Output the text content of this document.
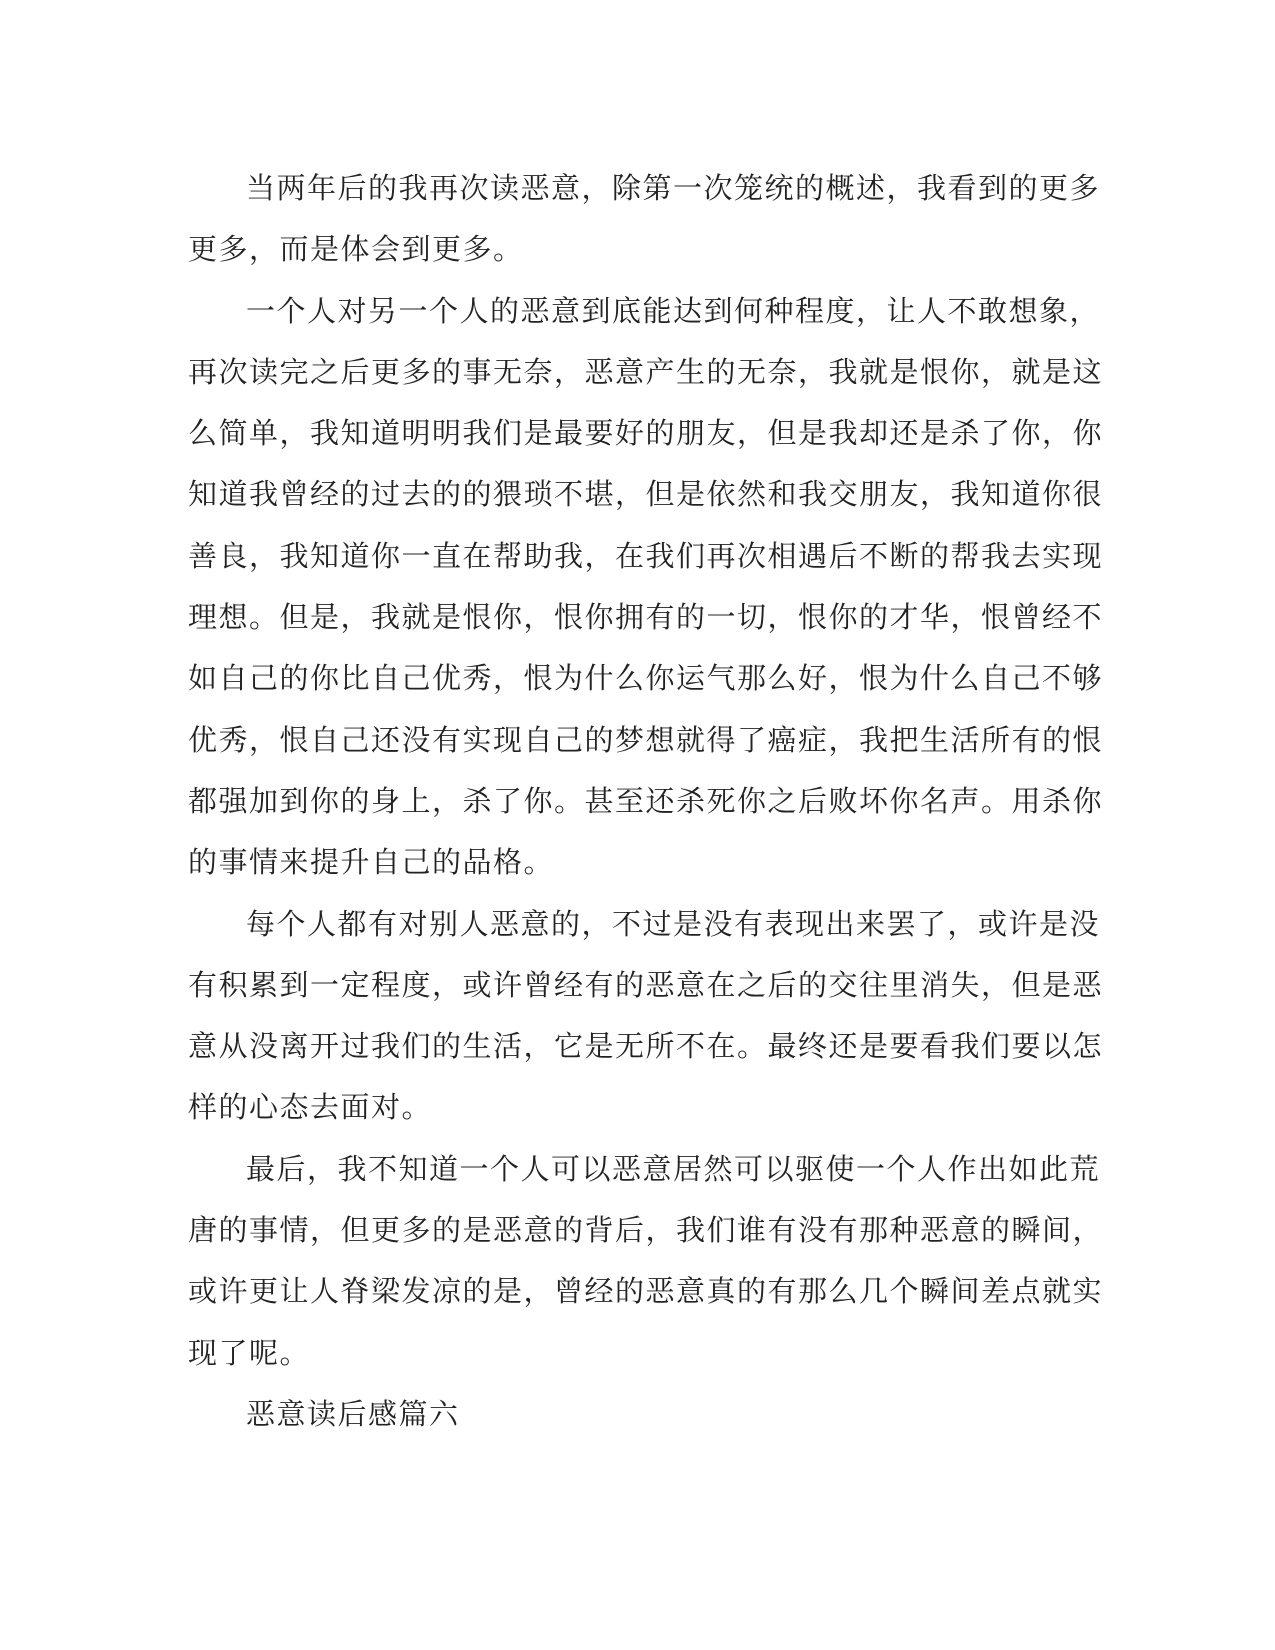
当两年后的我再次读恶意，除第一次笼统的概述，我看到的更多
更多，而是体会到更多。

一个人对另一个人的恶意到底能达到何种程度，让人不敢想象，
再次读完之后更多的事无奈，恶意产生的无奈，我就是恨你，就是这
么简单，我知道明明我们是最要好的朋友，但是我却还是杀了你，你
知道我曾经的过去的的猥琐不堪，但是依然和我交朋友，我知道你很
善良，我知道你一直在帮助我，在我们再次相遇后不断的帮我去实现
理想。但是，我就是恨你，恨你拥有的一切，恨你的才华，恨曾经不
如自己的你比自己优秀，恨为什么你运气那么好，恨为什么自己不够
优秀，恨自己还没有实现自己的梦想就得了癌症，我把生活所有的恨
都强加到你的身上，杀了你。甚至还杀死你之后败坏你名声。用杀你
的事情来提升自己的品格。

每个人都有对别人恶意的，不过是没有表现出来罢了，或许是没
有积累到一定程度，或许曾经有的恶意在之后的交往里消失，但是恶
意从没离开过我们的生活，它是无所不在。最终还是要看我们要以怎
样的心态去面对。

最后，我不知道一个人可以恶意居然可以驱使一个人作出如此荒
唐的事情，但更多的是恶意的背后，我们谁有没有那种恶意的瞬间，
或许更让人脊梁发凉的是，曾经的恶意真的有那么几个瞬间差点就实
现了呢。

恶意读后感篇六
